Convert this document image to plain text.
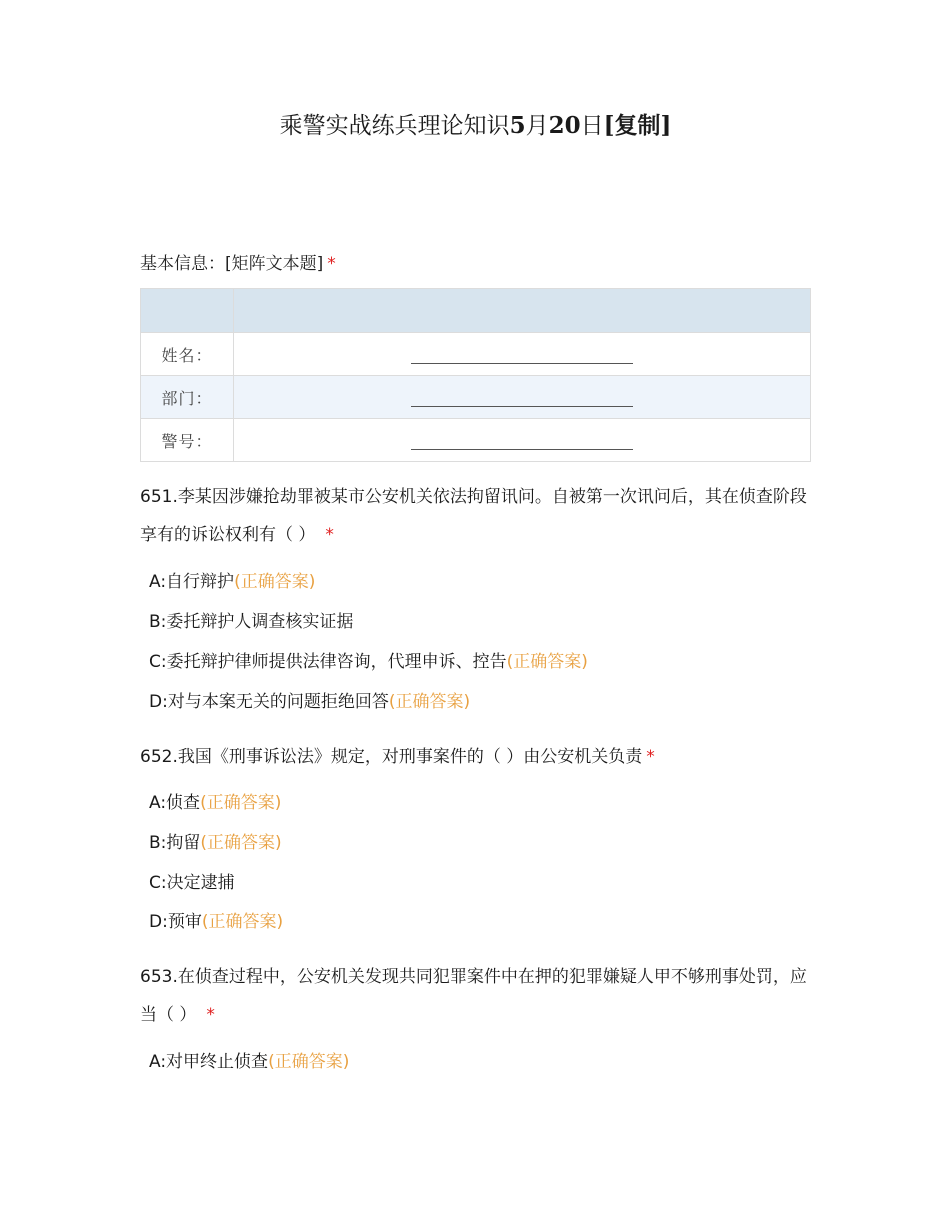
乘警实战练兵理论知识5月20日[复制]
基本信息：[矩阵文本题] *

姓名：	
部门：	
警号：	
651.李某因涉嫌抢劫罪被某市公安机关依法拘留讯问。自被第一次讯问后，其在侦查阶段享有的诉讼权利有（ ） *
A:自行辩护(正确答案)
B:委托辩护人调查核实证据
C:委托辩护律师提供法律咨询，代理申诉、控告(正确答案)
D:对与本案无关的问题拒绝回答(正确答案)
652.我国《刑事诉讼法》规定，对刑事案件的（ ）由公安机关负责 *
A:侦查(正确答案)
B:拘留(正确答案)
C:决定逮捕
D:预审(正确答案)
653.在侦查过程中，公安机关发现共同犯罪案件中在押的犯罪嫌疑人甲不够刑事处罚，应当（ ） *
A:对甲终止侦查(正确答案)
